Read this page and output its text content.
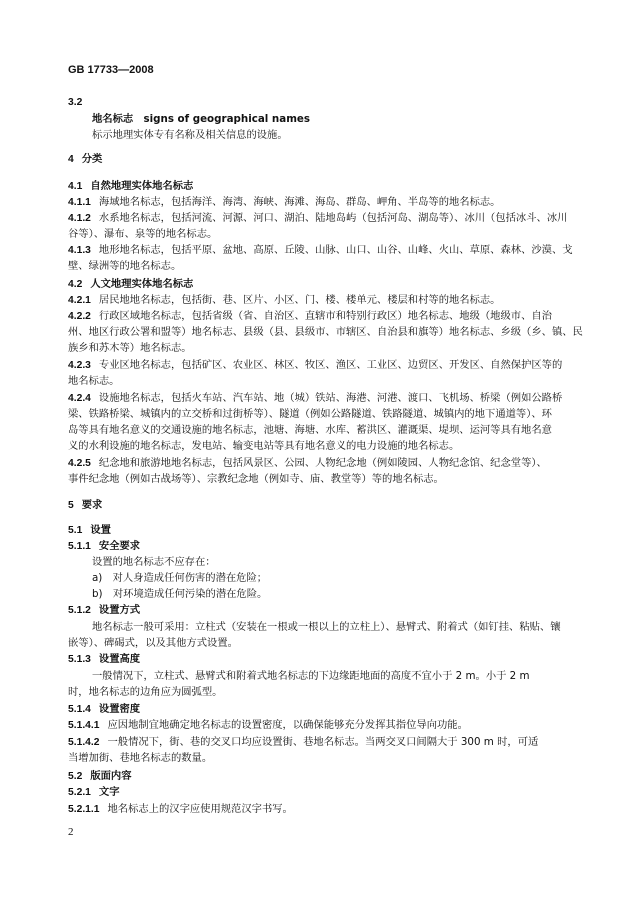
GB 17733—2008
3.2
地名标志　signs of geographical names
标示地理实体专有名称及相关信息的设施。
4 分类
4.1 自然地理实体地名标志
4.1.1 海域地名标志，包括海洋、海湾、海峡、海滩、海岛、群岛、岬角、半岛等的地名标志。
4.1.2 水系地名标志，包括河流、河源、河口、湖泊、陆地岛屿（包括河岛、湖岛等）、冰川（包括冰斗、冰川
谷等）、瀑布、泉等的地名标志。
4.1.3 地形地名标志，包括平原、盆地、高原、丘陵、山脉、山口、山谷、山峰、火山、草原、森林、沙漠、戈
壁、绿洲等的地名标志。
4.2 人文地理实体地名标志
4.2.1 居民地地名标志，包括街、巷、区片、小区、门、楼、楼单元、楼层和村等的地名标志。
4.2.2 行政区域地名标志，包括省级（省、自治区、直辖市和特别行政区）地名标志、地级（地级市、自治
州、地区行政公署和盟等）地名标志、县级（县、县级市、市辖区、自治县和旗等）地名标志、乡级（乡、镇、民
族乡和苏木等）地名标志。
4.2.3 专业区地名标志，包括矿区、农业区、林区、牧区、渔区、工业区、边贸区、开发区、自然保护区等的
地名标志。
4.2.4 设施地名标志，包括火车站、汽车站、地（城）铁站、海港、河港、渡口、飞机场、桥梁（例如公路桥
梁、铁路桥梁、城镇内的立交桥和过街桥等）、隧道（例如公路隧道、铁路隧道、城镇内的地下通道等）、环
岛等具有地名意义的交通设施的地名标志，池塘、海塘、水库、蓄洪区、灌溉渠、堤坝、运河等具有地名意
义的水利设施的地名标志，发电站、输变电站等具有地名意义的电力设施的地名标志。
4.2.5 纪念地和旅游地地名标志，包括风景区、公园、人物纪念地（例如陵园、人物纪念馆、纪念堂等）、
事件纪念地（例如古战场等）、宗教纪念地（例如寺、庙、教堂等）等的地名标志。
5 要求
5.1 设置
5.1.1 安全要求
设置的地名标志不应存在：
a)　对人身造成任何伤害的潜在危险；
b)　对环境造成任何污染的潜在危险。
5.1.2 设置方式
地名标志一般可采用：立柱式（安装在一根或一根以上的立柱上）、悬臂式、附着式（如钉挂、粘贴、镶
嵌等）、碑碣式，以及其他方式设置。
5.1.3 设置高度
一般情况下，立柱式、悬臂式和附着式地名标志的下边缘距地面的高度不宜小于 2 m。小于 2 m
时，地名标志的边角应为圆弧型。
5.1.4 设置密度
5.1.4.1 应因地制宜地确定地名标志的设置密度，以确保能够充分发挥其指位导向功能。
5.1.4.2 一般情况下，街、巷的交叉口均应设置街、巷地名标志。当两交叉口间隔大于 300 m 时，可适
当增加街、巷地名标志的数量。
5.2 版面内容
5.2.1 文字
5.2.1.1 地名标志上的汉字应使用规范汉字书写。
2
